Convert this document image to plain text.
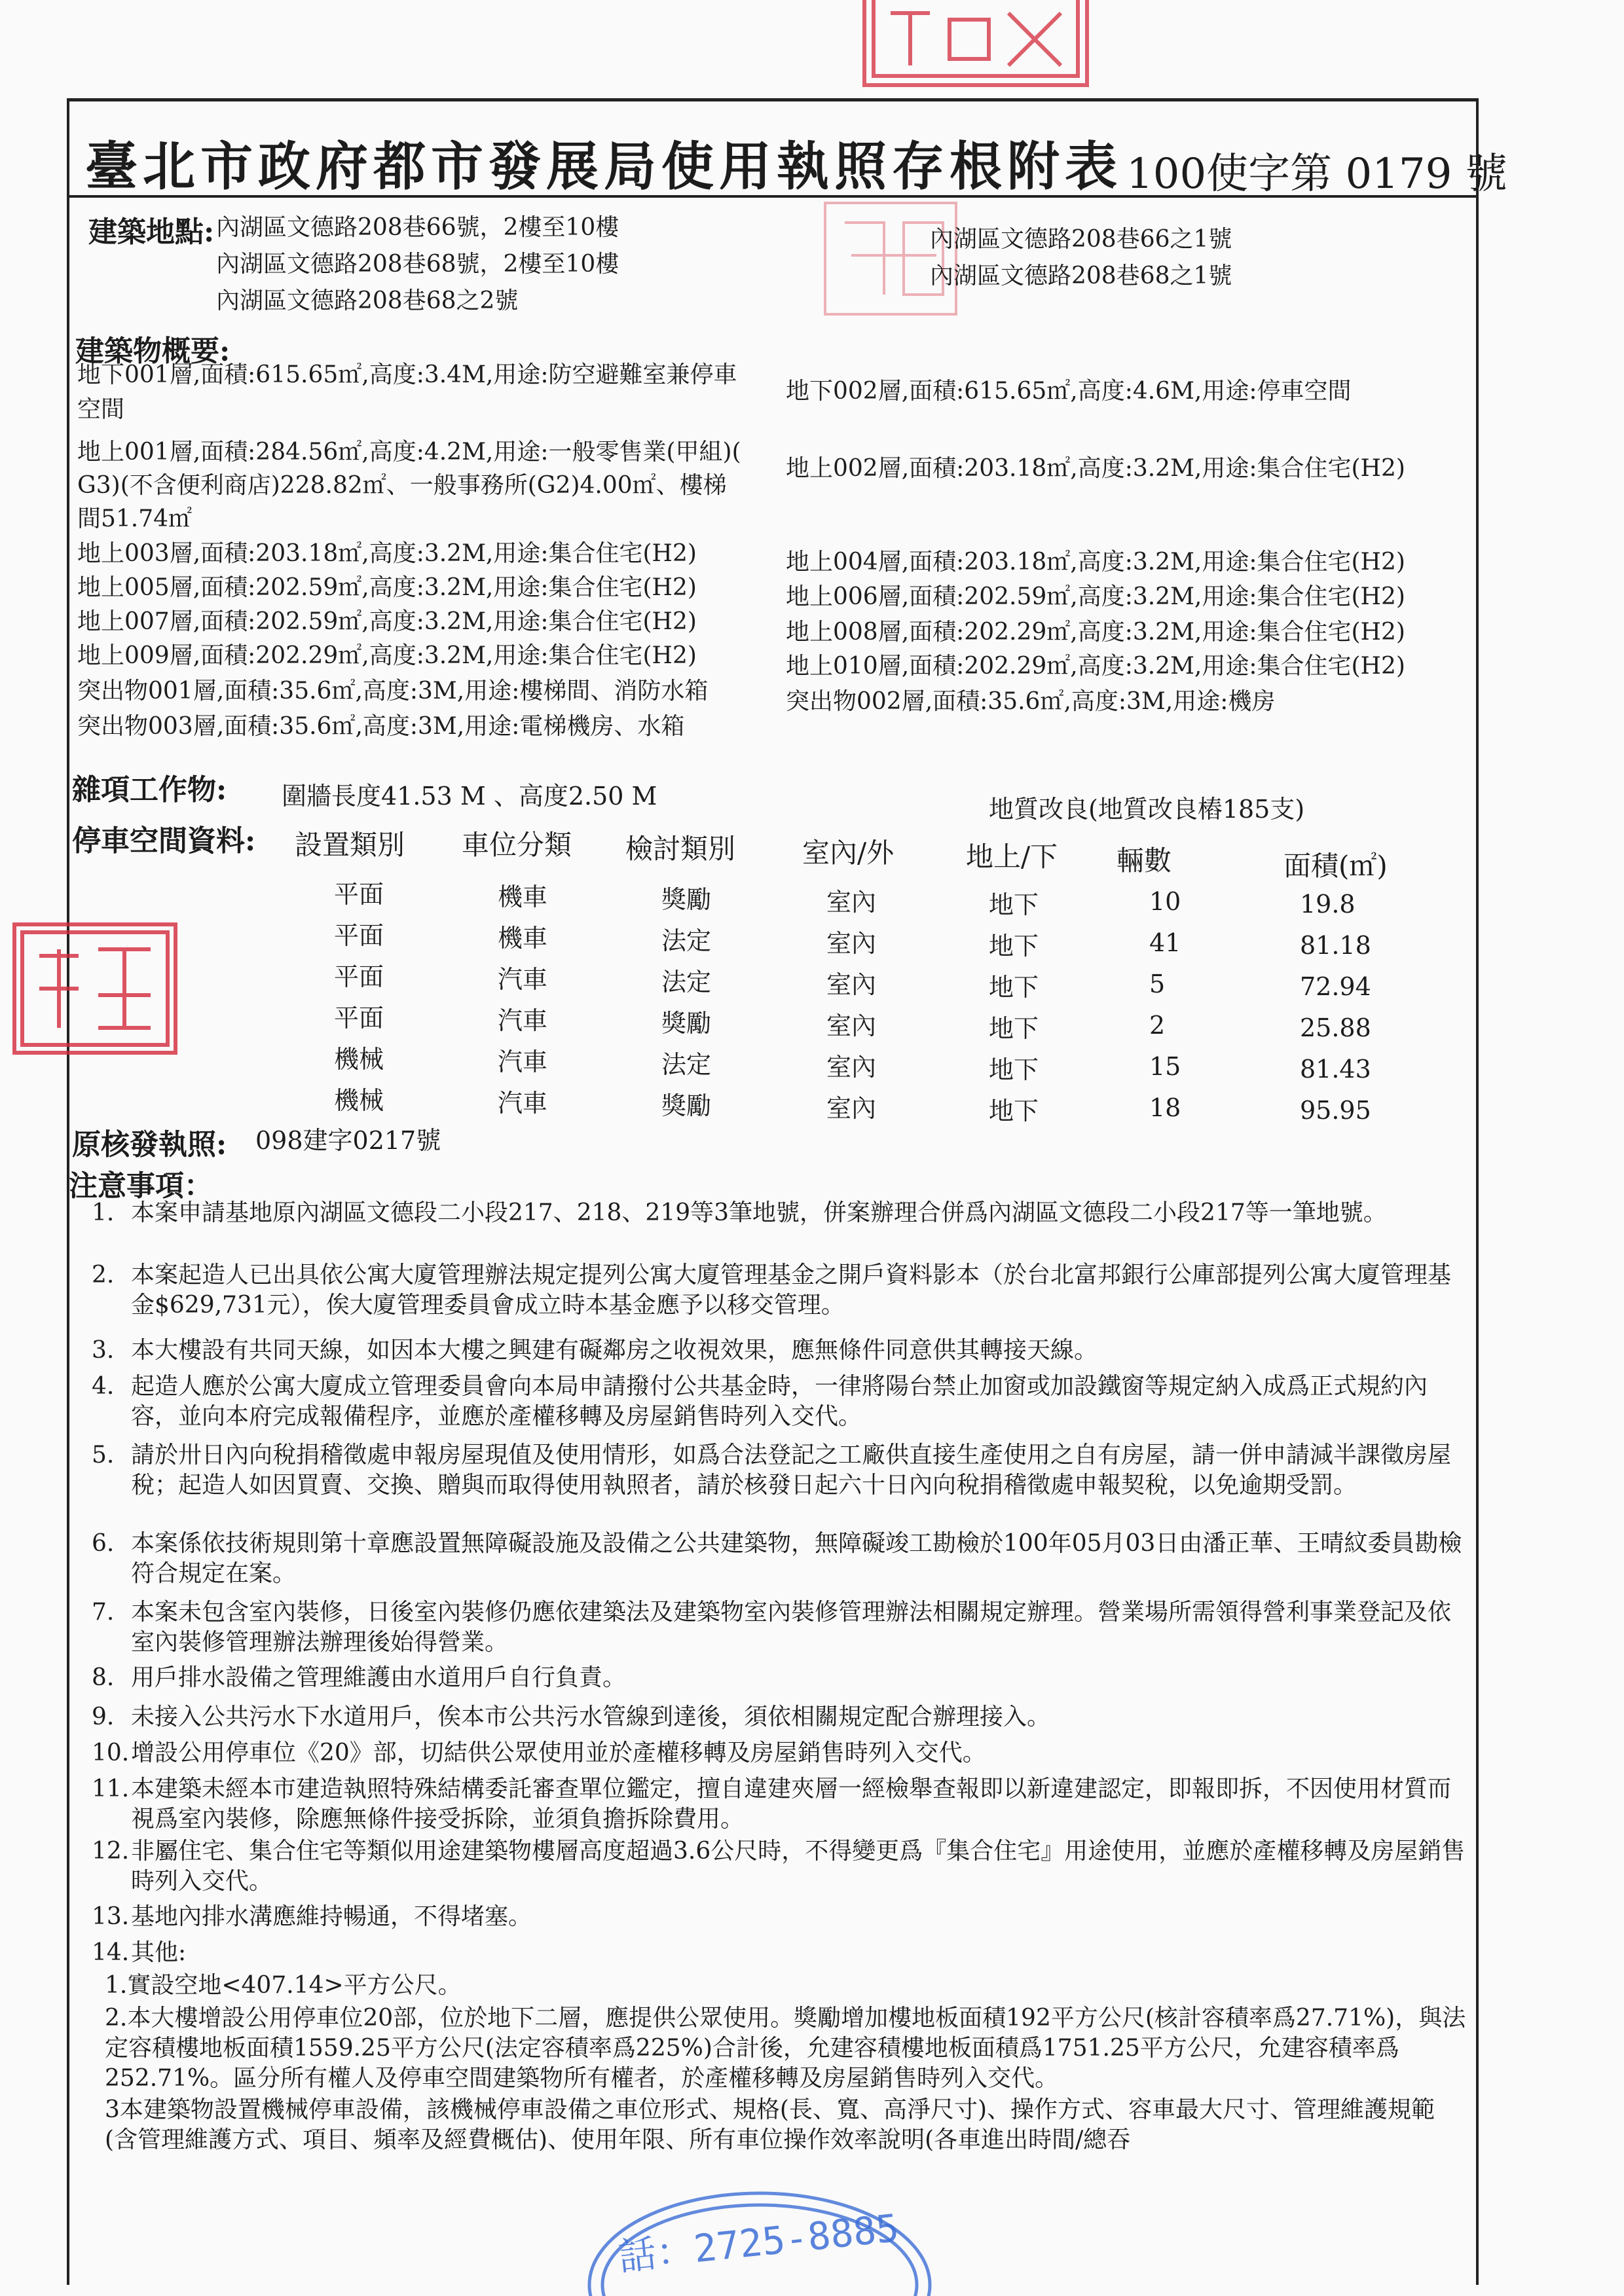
話：2725-8885
臺北市政府都市發展局使用執照存根附表 100使字第 0179 號
建築地點: 內湖區文德路208巷66號，2樓至10樓
內湖區文德路208巷68號，2樓至10樓
內湖區文德路208巷68之2號
內湖區文德路208巷66之1號
內湖區文德路208巷68之1號
建築物概要:
地下001層,面積:615.65㎡,高度:3.4M,用途:防空避難室兼停車
地下002層,面積:615.65㎡,高度:4.6M,用途:停車空間
空間
地上001層,面積:284.56㎡,高度:4.2M,用途:一般零售業(甲組)(
地上002層,面積:203.18㎡,高度:3.2M,用途:集合住宅(H2)
G3)(不含便利商店)228.82㎡、一般事務所(G2)4.00㎡、樓梯
間51.74㎡
地上003層,面積:203.18㎡,高度:3.2M,用途:集合住宅(H2)	地上004層,面積:203.18㎡,高度:3.2M,用途:集合住宅(H2)
地上005層,面積:202.59㎡,高度:3.2M,用途:集合住宅(H2)	地上006層,面積:202.59㎡,高度:3.2M,用途:集合住宅(H2)
地上007層,面積:202.59㎡,高度:3.2M,用途:集合住宅(H2)	地上008層,面積:202.29㎡,高度:3.2M,用途:集合住宅(H2)
地上009層,面積:202.29㎡,高度:3.2M,用途:集合住宅(H2)	地上010層,面積:202.29㎡,高度:3.2M,用途:集合住宅(H2)
突出物001層,面積:35.6㎡,高度:3M,用途:樓梯間、消防水箱	突出物002層,面積:35.6㎡,高度:3M,用途:機房
突出物003層,面積:35.6㎡,高度:3M,用途:電梯機房、水箱
雜項工作物: 圍牆長度41.53 M 、高度2.50 M	地質改良(地質改良樁185支)
停車空間資料: 設置類別 車位分類 檢討類別 室內/外	地上/下 輛數	面積(㎡)
平面	機車	獎勵	室內	地下	10	19.8
平面	機車	法定	室內	地下	41	81.18
平面	汽車	法定	室內	地下	5	72.94
平面	汽車	獎勵	室內	地下	2	25.88
機械	汽車	法定	室內	地下	15	81.43
機械	汽車	獎勵	室內	地下	18	95.95
原核發執照: 098建字0217號
注意事項：
1. 本案申請基地原內湖區文德段二小段217、218、219等3筆地號，併案辦理合併爲內湖區文德段二小段217等一筆地號。
2. 本案起造人已出具依公寓大廈管理辦法規定提列公寓大廈管理基金之開戶資料影本（於台北富邦銀行公庫部提列公寓大廈管理基金$629,731元），俟大廈管理委員會成立時本基金應予以移交管理。
3. 本大樓設有共同天線，如因本大樓之興建有礙鄰房之收視效果，應無條件同意供其轉接天線。
4. 起造人應於公寓大廈成立管理委員會向本局申請撥付公共基金時，一律將陽台禁止加窗或加設鐵窗等規定納入成爲正式規約內容，並向本府完成報備程序，並應於產權移轉及房屋銷售時列入交代。
5. 請於卅日內向稅捐稽徵處申報房屋現值及使用情形，如爲合法登記之工廠供直接生產使用之自有房屋，請一併申請減半課徵房屋稅；起造人如因買賣、交換、贈與而取得使用執照者，請於核發日起六十日內向稅捐稽徵處申報契稅，以免逾期受罰。
6. 本案係依技術規則第十章應設置無障礙設施及設備之公共建築物，無障礙竣工勘檢於100年05月03日由潘正華、王晴紋委員勘檢符合規定在案。
7. 本案未包含室內裝修，日後室內裝修仍應依建築法及建築物室內裝修管理辦法相關規定辦理。營業場所需領得營利事業登記及依室內裝修管理辦法辦理後始得營業。
8. 用戶排水設備之管理維護由水道用戶自行負責。
9. 未接入公共污水下水道用戶，俟本市公共污水管線到達後，須依相關規定配合辦理接入。
10. 增設公用停車位《20》部，切結供公眾使用並於產權移轉及房屋銷售時列入交代。
11. 本建築未經本市建造執照特殊結構委託審查單位鑑定，擅自違建夾層一經檢舉查報即以新違建認定，即報即拆，不因使用材質而視爲室內裝修，除應無條件接受拆除，並須負擔拆除費用。
12. 非屬住宅、集合住宅等類似用途建築物樓層高度超過3.6公尺時，不得變更爲『集合住宅』用途使用，並應於產權移轉及房屋銷售時列入交代。
13. 基地內排水溝應維持暢通，不得堵塞。
14. 其他:
1.實設空地<407.14>平方公尺。
2.本大樓增設公用停車位20部，位於地下二層，應提供公眾使用。獎勵增加樓地板面積192平方公尺(核計容積率爲27.71%)，與法定容積樓地板面積1559.25平方公尺(法定容積率爲225%)合計後，允建容積樓地板面積爲1751.25平方公尺，允建容積率爲252.71%。區分所有權人及停車空間建築物所有權者，於產權移轉及房屋銷售時列入交代。
3本建築物設置機械停車設備，該機械停車設備之車位形式、規格(長、寬、高淨尺寸)、操作方式、容車最大尺寸、管理維護規範(含管理維護方式、項目、頻率及經費概估)、使用年限、所有車位操作效率說明(各車進出時間/總吞
